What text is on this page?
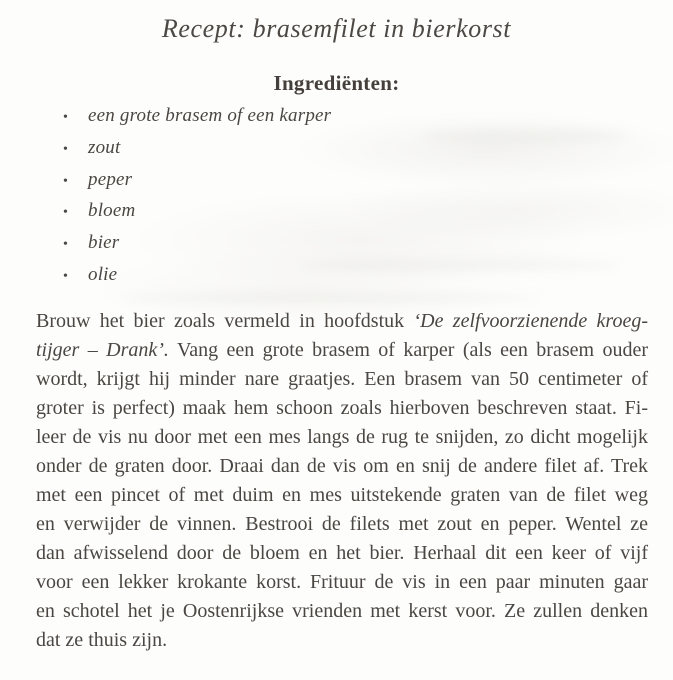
Recept: brasemfilet in bierkorst
Ingrediënten:
•	een grote brasem of een karper
•	zout
•	peper
•	bloem
•	bier
•	olie
Brouw het bier zoals vermeld in hoofdstuk ‘De zelfvoorzienende kroeg-
tijger – Drank’. Vang een grote brasem of karper (als een brasem ouder
wordt, krijgt hij minder nare graatjes. Een brasem van 50 centimeter of
groter is perfect) maak hem schoon zoals hierboven beschreven staat. Fi-
leer de vis nu door met een mes langs de rug te snijden, zo dicht mogelijk
onder de graten door. Draai dan de vis om en snij de andere filet af. Trek
met een pincet of met duim en mes uitstekende graten van de filet weg
en verwijder de vinnen. Bestrooi de filets met zout en peper. Wentel ze
dan afwisselend door de bloem en het bier. Herhaal dit een keer of vijf
voor een lekker krokante korst. Frituur de vis in een paar minuten gaar
en schotel het je Oostenrijkse vrienden met kerst voor. Ze zullen denken
dat ze thuis zijn.
